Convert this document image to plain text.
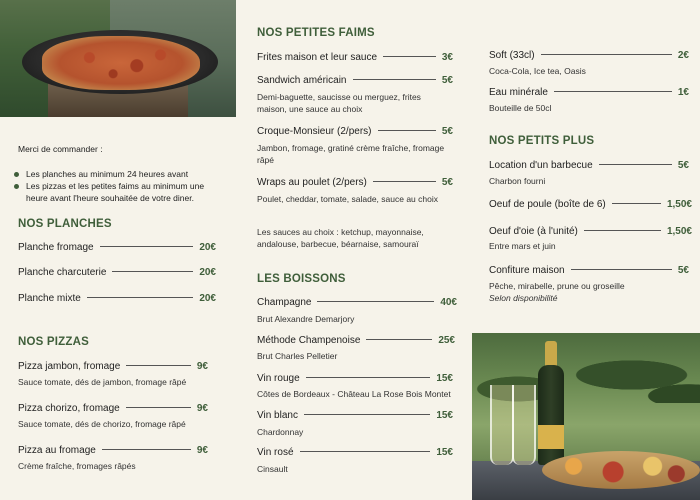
Merci de commander :
Les planches au minimum 24 heures avant
Les pizzas et les petites faims au minimum une heure avant l'heure souhaitée de votre diner.
NOS PLANCHES
Planche fromage	20€
Planche charcuterie	20€
Planche mixte	20€
NOS PIZZAS
Pizza jambon, fromage	9€
Sauce tomate, dés de jambon, fromage râpé
Pizza chorizo, fromage	9€
Sauce tomate, dés de chorizo, fromage râpé
Pizza au fromage	9€
Crème fraîche, fromages râpés
NOS PETITES FAIMS
Frites maison et leur sauce	3€
Sandwich américain	5€
Demi-baguette, saucisse ou merguez, frites maison, une sauce au choix
Croque-Monsieur (2/pers)	5€
Jambon, fromage, gratiné crème fraîche, fromage râpé
Wraps au poulet (2/pers)	5€
Poulet, cheddar, tomate, salade, sauce au choix
Les sauces au choix : ketchup, mayonnaise, andalouse, barbecue, béarnaise, samouraï
LES BOISSONS
Champagne	40€
Brut Alexandre Demarjory
Méthode Champenoise	25€
Brut Charles Pelletier
Vin rouge	15€
Côtes de Bordeaux - Château La Rose Bois Montet
Vin blanc	15€
Chardonnay
Vin rosé	15€
Cinsault
Soft (33cl)	2€
Coca-Cola, Ice tea, Oasis
Eau minérale	1€
Bouteille de 50cl
NOS PETITS PLUS
Location d'un barbecue	5€
Charbon fourni
Oeuf de poule (boîte de 6)	1,50€
Oeuf d'oie (à l'unité)	1,50€
Entre mars et juin
Confiture maison	5€
Pêche, mirabelle, prune ou groseille
Selon disponibilité
